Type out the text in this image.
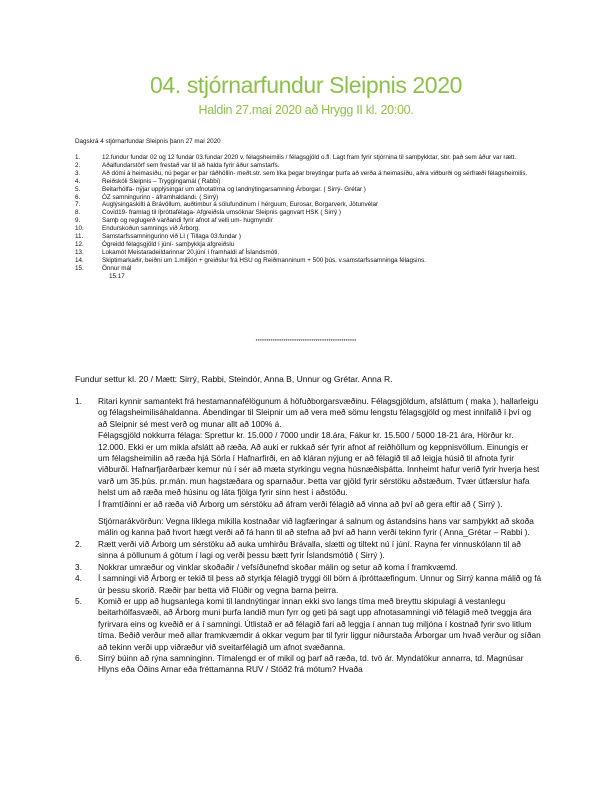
04. stjórnarfundur Sleipnis 2020
Haldin 27.maí 2020 að Hrygg II kl. 20:00.
Dagskrá 4 stjórnarfundar Sleipnis þann 27 maí 2020
1.	12.fundur fundar 02 og 12 fundar 03.fundar 2020 v. félagsheimilis / félagsgjöld o.fl. Lagt fram fyrir stjórnina til samþykktar, sbr. það sem áður var rætt.
2.	Aðalfundarstörf sem frestað var til að halda fyrir áður samstarfs.
3.	Að dómi á heimasíðu, nú þegar er þar ráðhöllin- meðt.str. sem líka þegar breytingar þurfa að verða á heimasíðu, aðra viðburði og sérfræði félagsheimilis.
4.	Reiðskóli Sleipnis – Tryggingamál ( Rabbi)
5.	Beitarhólfa- nýjar upplýsingar um afnotatíma og landnýtingarsamning Árborgar. ( Sirrý- Grétar )
6.	ÓZ samningurinn - áframhaldandi. ( Sirrý)
7.	Auglýsingaskilti á Brávöllum, auðtimbur á sölufundinum í hérguum, Eurosar, Borgarverk, Jötunvélar
8.	Covid19- framlag til íþróttafélaga- Afgreiðsla umsóknar Sleipnis gagnvart HSK ( Sirrý )
9.	Samþ og reglugerð varðandi fyrir afnot af velli um- hugmyndir
10.	Endurskoðun samnings við Árborg.
11.	Samstarfssamningurinn við LI ( Tillaga 03.fundar )
12.	Ógreidd félagsgjöld í júní- samþykkja afgreiðslu
13.	Lokamót Meistaradeildarinnar 20.júní í framhaldi af Íslandsmóti.
14.	Skiptimarkaðir, beiðni um 1.milljón + greiðslur frá HSU og Reiðmanninum + 500 þús. v.samstarfssamninga félagsins.
15.	Önnur mál
15.17
***********************************************
Fundur settur kl. 20 / Mætt: Sirrý, Rabbi, Steindór, Anna B, Unnur og Grétar. Anna R.
1. Ritari kynnir samantekt frá hestamannafélögunum á höfuðborgarsvæðinu. Félagsgjöldum, afsláttum ( maka ), hallarleigu og félagsheimilisáhaldanna. Ábendingar til Sleipnir um að vera með sömu lengstu félagsgjöld og mest innifalið í því og að Sleipnir sé mest verð og munar allt að 100% á.

Félagsgjöld nokkurra félaga: Sprettur kr. 15.000 / 7000 undir 18.ára, Fákur kr. 15.500 / 5000 18-21 ára, Hörður kr. 12.000. Ekki er um mikla afslátt að ræða. Að auki er rukkað sér fyrir afnot af reiðhöllum og keppnisvöllum. Einungis er um félagsheimilin að ræða hjá Sörla í Hafnarfirði, en að kláran nýjung er að félagið til að leigja húsið til afnota fyrir viðburði. Hafnarfjarðarbær kemur nú í sér að mæta styrkingu vegna húsnæðisþátta. Innheimt hafur verið fyrir hverja hest varð um 35.þús. pr.mán. mun hagstæðara og sparnaður. Þetta var gjöld fyrir sérstöku aðstæðum. Tvær útfærslur hafa helst um að ræða með húsinu og láta fjölga fyrir sinn hest í aðstöðu.

Í framtíðinni er að ræða við Árborg um sérstöku að áfram verði félagið að vinna að því að gera eftir að ( Sirrý ).

Stjórnarákvörðun: Vegna líklega mikilla kostnaðar við lagfæringar á salnum og ástandsins hans var samþykkt að skoða málin og kanna það hvort hægt verði að fá hann til að stefna að því að hann verði tekinn fyrir ( Anna_Grétar – Rabbi ).

2. Rætt verði við Árborg um sérstöku að auka umhirðu Brávalla, slætti og tiltekt nú í júní. Rayna fer vinnuskólann til að sinna á pöllunum á götum í lagi og verði þessu bætt fyrir Íslandsmótið ( Sirrý ).

3. Nokkrar umræður og vinklar skoðaðir / vefsíðunefnd skoðar málin og setur að koma í framkvæmd.

4. Í samningi við Árborg er tekið til þess að styrkja félagið tryggi öll börn á íþróttaæfingum. Unnur og Sirrý kanna málið og fá úr þessu skorið. Ræðir þar betta við Flúðir og vegna barna þeirra.

5. Komið er upp að hugsanlega komi til landnýtingar innan ekki svo langs tíma með breyttu skipulagi á vestanlegu beitarhólfasvæði, að Árborg muni þurfa landið mun fyrr og geti þá sagt upp afnotasamningi við félagið með tveggja ára fyrirvara eins og kveðið er á í samningi. Útlistað er að félagið fari að leggja í annan tug miljóna í kostnað fyrir svo litlum tíma. Beðið verður með allar framkvæmdir á okkar vegum þar til fyrir liggur niðurstaða Árborgar um hvað verður og síðan að tekinn verði upp viðræður við sveitarfélagið um afnot svæðanna.

6. Sirrý búinn að rýna samninginn. Tímalengd er of mikil og þarf að ræða, td. tvö ár. Myndatökur annarra, td. Magnúsar Hlyns eða Óðins Arnar eða fréttamanna RUV / Stöð2 frá mótum? Hvaða
